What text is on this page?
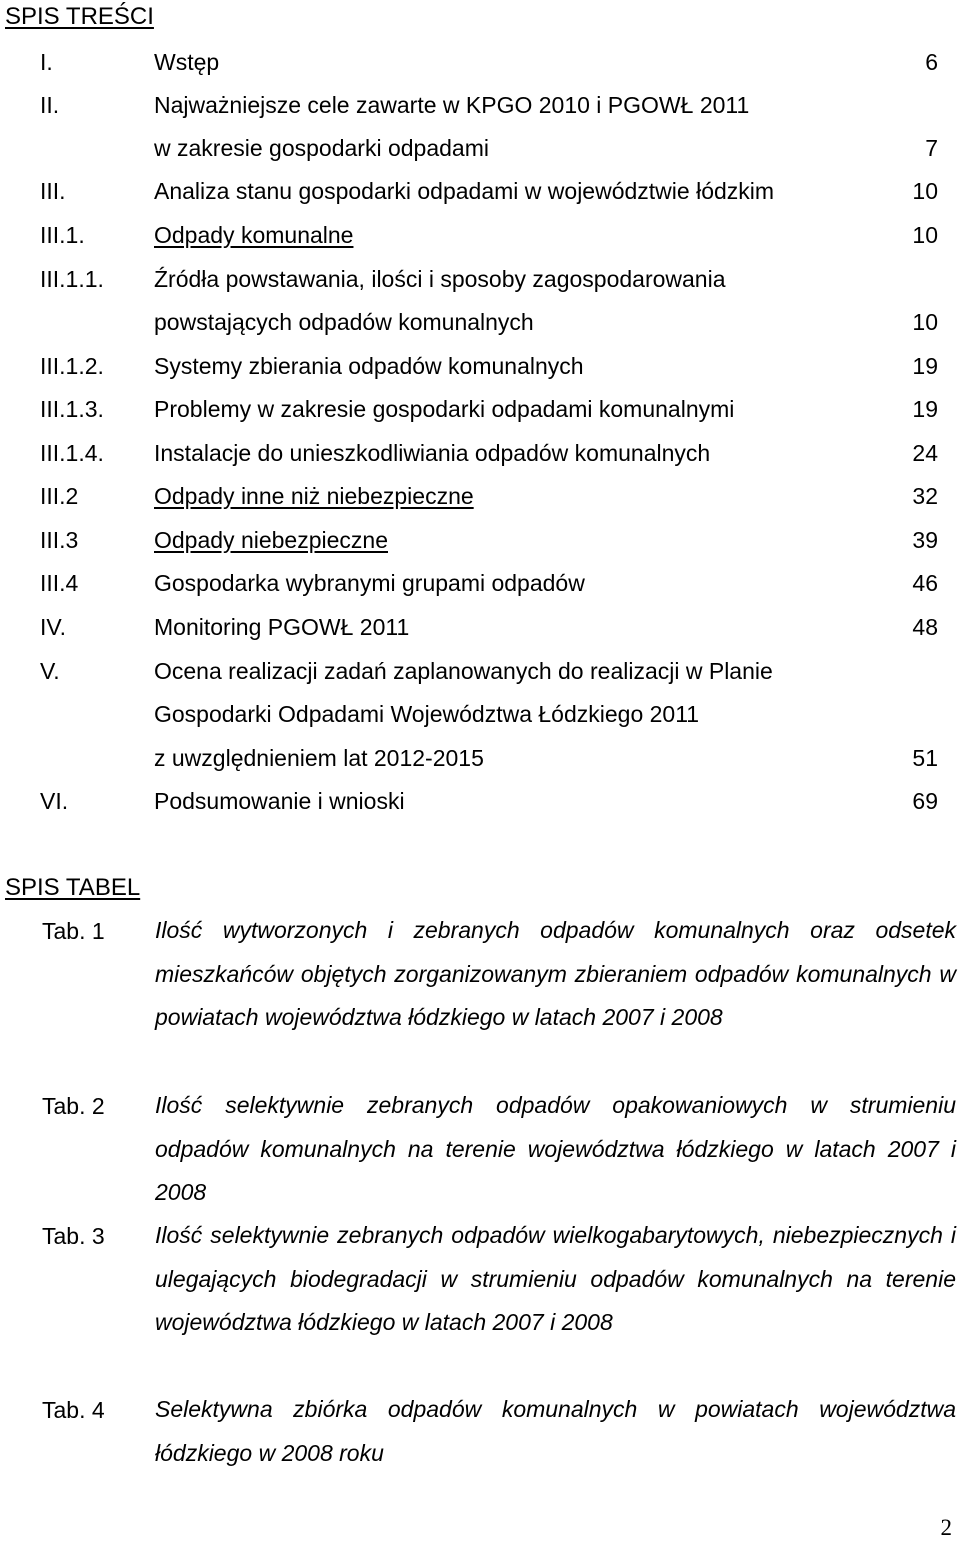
SPIS TREŚCI
I.	Wstęp	6
II.	Najważniejsze cele zawarte w KPGO 2010 i PGOWŁ 2011
w zakresie gospodarki odpadami	7
III.	Analiza stanu gospodarki odpadami w województwie łódzkim	10
III.1.	Odpady komunalne	10
III.1.1. Źródła powstawania, ilości i sposoby zagospodarowania
powstających odpadów komunalnych	10
III.1.2. Systemy zbierania odpadów komunalnych	19
III.1.3. Problemy w zakresie gospodarki odpadami komunalnymi	19
III.1.4. Instalacje do unieszkodliwiania odpadów komunalnych	24
III.2	Odpady inne niż niebezpieczne	32
III.3	Odpady niebezpieczne	39
III.4	Gospodarka wybranymi grupami odpadów	46
IV.	Monitoring PGOWŁ 2011	48
V.	Ocena realizacji zadań zaplanowanych do realizacji w Planie
Gospodarki Odpadami Województwa Łódzkiego 2011
z uwzględnieniem lat 2012-2015	51
VI.	Podsumowanie i wnioski	69
SPIS TABEL
Tab. 1 Ilość wytworzonych i zebranych odpadów komunalnych oraz odsetek mieszkańców objętych zorganizowanym zbieraniem odpadów komunalnych w powiatach województwa łódzkiego w latach 2007 i 2008

Tab. 2 Ilość selektywnie zebranych odpadów opakowaniowych w strumieniu odpadów komunalnych na terenie województwa łódzkiego w latach 2007 i 2008

Tab. 3 Ilość selektywnie zebranych odpadów wielkogabarytowych, niebezpiecznych i ulegających biodegradacji w strumieniu odpadów komunalnych na terenie województwa łódzkiego w latach 2007 i 2008

Tab. 4 Selektywna zbiórka odpadów komunalnych w powiatach województwa łódzkiego w 2008 roku

2
